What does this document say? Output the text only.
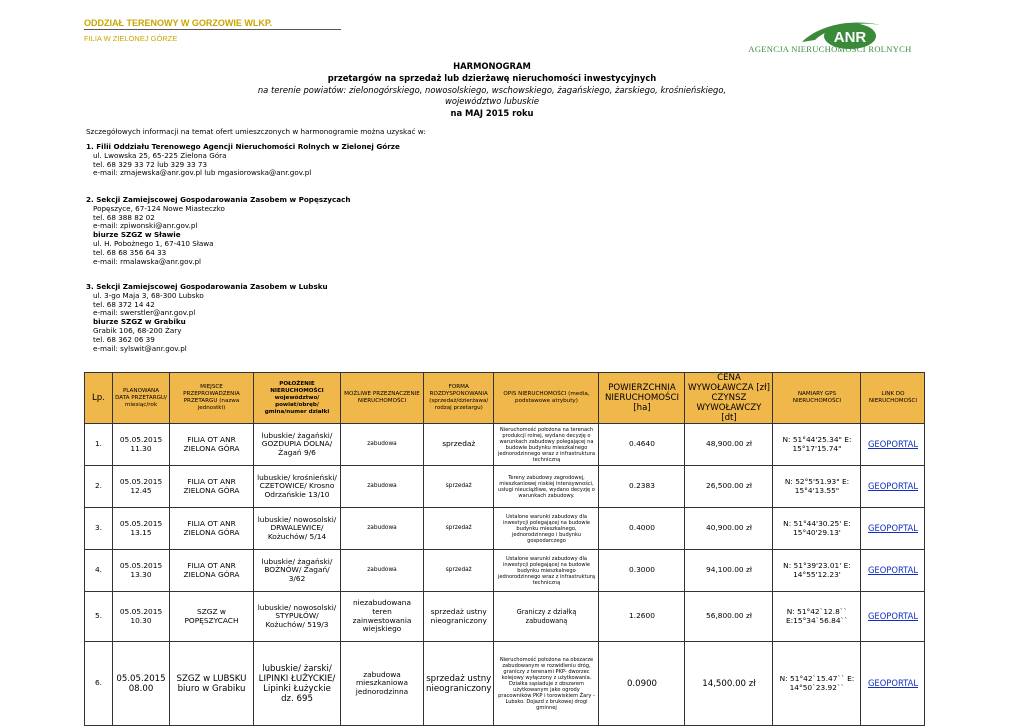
ODDZIAŁ TERENOWY W GORZOWIE WLKP.
FILIA W ZIELONEJ GÓRZE	ANR
AGENCJA NIERUCHOMOŚCI ROLNYCH
HARMONOGRAM
przetargów na sprzedaż lub dzierżawę nieruchomości inwestycyjnych
na terenie powiatów: zielonogórskiego, nowosolskiego, wschowskiego, żagańskiego, żarskiego, krośnieńskiego,
województwo lubuskie
na MAJ 2015 roku
Szczegółowych informacji na temat ofert umieszczonych w harmonogramie można uzyskać w:
1. Filii Oddziału Terenowego Agencji Nieruchomości Rolnych w Zielonej Górze
ul. Lwowska 25, 65-225 Zielona Góra
tel. 68 329 33 72 lub 329 33 73
e-mail: zmajewska@anr.gov.pl lub mgasiorowska@anr.gov.pl
2. Sekcji Zamiejscowej Gospodarowania Zasobem w Popęszycach
Popęszyce, 67-124 Nowe Miasteczko
tel. 68 388 82 02
e-mail: zpiwonski@anr.gov.pl
biurze SZGZ w Sławie
ul. H. Pobożnego 1, 67-410 Sława
tel. 68 68 356 64 33
e-mail: rmalawska@anr.gov.pl
3. Sekcji Zamiejscowej Gospodarowania Zasobem w Lubsku
ul. 3-go Maja 3, 68-300 Lubsko
tel. 68 372 14 42
e-mail: swerstler@anr.gov.pl
biurze SZGZ w Grabiku
Grabik 106, 68-200 Żary
tel. 68 362 06 39
e-mail: sylswit@anr.gov.pl
Lp.	PLANOWANA DATA PRZETARGU/ miesiąc/rok	MIEJSCE PRZEPROWADZENIA PRZETARGU (nazwa jednostki)	POŁOŻENIE NIERUCHOMOŚCI województwo/ powiat/obręb/ gmina/numer działki	MOŻLIWE PRZEZNACZENIE NIERUCHOMOŚCI	FORMA ROZDYSPONOWANIA (sprzedaż/dzierżawa/ rodzaj przetargu)	OPIS NIERUCHOMOŚCI (media, podstawowe atrybuty)	POWIERZCHNIA NIERUCHOMOŚCI [ha]	CENA WYWOŁAWCZA [zł] CZYNSZ WYWOŁAWCZY [dt]	NAMIARY GPS NIERUCHOMOŚCI	LINK DO NIERUCHOMOŚCI
1.	05.05.2015 11.30	FILIA OT ANR ZIELONA GÓRA	lubuskie/ żagański/ GOZDUPIA DOLNA/ Żagań 9/6	zabudowa	sprzedaż	Nieruchomość położona na terenach produkcji rolnej, wydano decyzję o warunkach zabudowy polegającej na budowie budynku mieszkalnego jednorodzinnego wraz z infrastruktura techniczną	0.4640	48,900.00 zł	N: 51°44'25.34" E: 15°17'15.74"	GEOPORTAL
2.	05.05.2015 12.45	FILIA OT ANR ZIELONA GÓRA	lubuskie/ krośnieński/ CZETOWICE/ Krosno Odrzańskie 13/10	zabudowa	sprzedaż	Tereny zabudowy zagrodowej, mieszkaniowej niskiej intensywności, usługi nieuciążliwe, wydano decyzję o warunkach zabudowy.	0.2383	26,500.00 zł	N: 52°5'51.93" E: 15°4'13.55"	GEOPORTAL
3.	05.05.2015 13.15	FILIA OT ANR ZIELONA GÓRA	lubuskie/ nowosolski/ DRWALEWICE/ Kożuchów/ 5/14	zabudowa	sprzedaż	Ustalone warunki zabudowy dla inwestycji polegającej na budowie budynku mieszkalnego, jednorodzinnego i budynku gospodarczego	0.4000	40,900.00 zł	N: 51°44'30.25' E: 15°40'29.13'	GEOPOPTAL
4.	05.05.2015 13.30	FILIA OT ANR ZIELONA GÓRA	lubuskie/ żagański/ BOŻNÓW/ Żagań/ 3/62	zabudowa	sprzedaż	Ustalone warunki zabudowy dla inwestycji polegającej na budowie budynku mieszkalnego jednorodzinnego wraz z infrastrukturą techniczną	0.3000	94,100.00 zł	N: 51°39'23.01' E: 14°55'12.23'	GEOPORTAL
5.	05.05.2015 10.30	SZGZ w POPĘSZYCACH	lubuskie/ nowosolski/ STYPUŁÓW/ Kożuchów/ 519/3	niezabudowana teren zainwestowania wiejskiego	sprzedaż ustny nieograniczony	Graniczy z działką zabudowaną	1.2600	56,800.00 zł	N: 51°42`12.8`` E:15°34`56.84``	GEOPORTAL
6.	05.05.2015 08.00	SZGZ w LUBSKU biuro w Grabiku	lubuskie/ żarski/ LIPINKI ŁUŻYCKIE/ Lipinki Łużyckie dz. 695	zabudowa mieszkaniowa jednorodzinna	sprzedaż ustny nieograniczony	Nieruchomość położona na obszarze zabudowanym w rozwidleniu dróg, graniczy z terenami PKP- dworzec kolejowy wyłączony z użytkowania. Działka sąsiaduje z obszarem użytkowanym jako ogrody pracowników PKP i torowiskiem Żary - Lubsko. Dojazd z brukowej drogi gminnej	0.0900	14,500.00 zł	N: 51°42`15.47`` E: 14°50`23.92``	GEOPORTAL
